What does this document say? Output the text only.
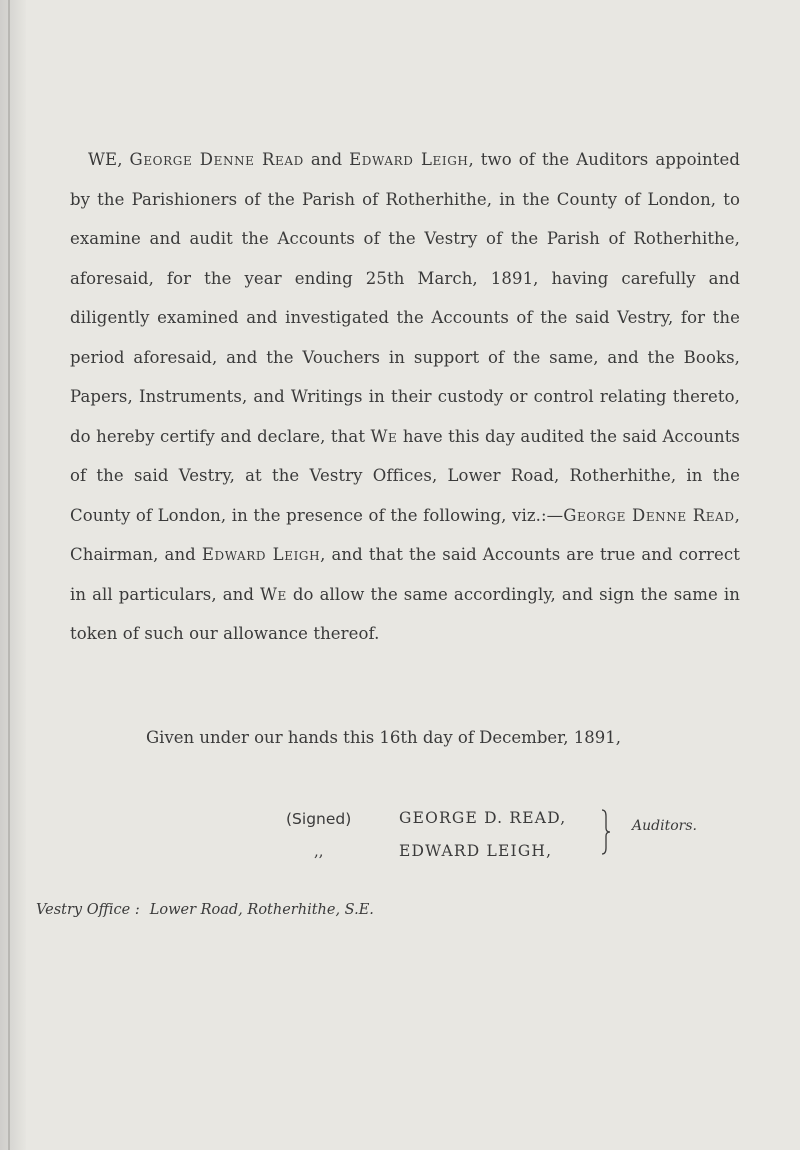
WE, George Denne Read and Edward Leigh, two of the Auditors appointed by the Parishioners of the Parish of Rotherhithe, in the County of London, to examine and audit the Accounts of the Vestry of the Parish of Rotherhithe, aforesaid, for the year ending 25th March, 1891, having carefully and diligently examined and investigated the Accounts of the said Vestry, for the period aforesaid, and the Vouchers in support of the same, and the Books, Papers, Instruments, and Writings in their custody or control relating thereto, do hereby certify and declare, that We have this day audited the said Accounts of the said Vestry, at the Vestry Offices, Lower Road, Rotherhithe, in the County of London, in the presence of the following, viz.:—George Denne Read, Chairman, and Edward Leigh, and that the said Accounts are true and correct in all particulars, and We do allow the same accordingly, and sign the same in token of such our allowance thereof.

Given under our hands this 16th day of December, 1891,
(Signed)
,,
GEORGE D. READ,
EDWARD LEIGH,
Auditors.
Vestry Office : Lower Road, Rotherhithe, S.E.
